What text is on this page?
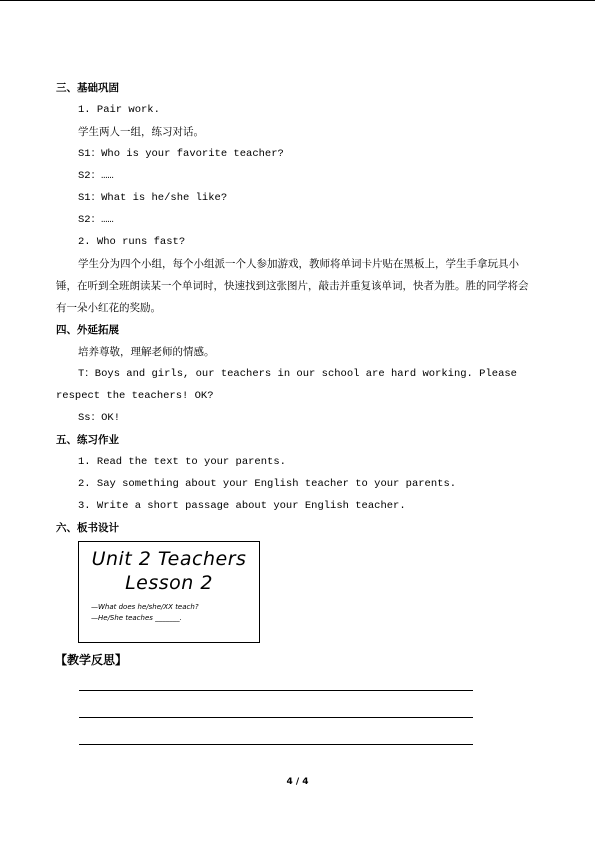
三、基础巩固
1. Pair work.
学生两人一组，练习对话。
S1：Who is your favorite teacher?
S2：……
S1：What is he/she like?
S2：……
2. Who runs fast?

学生分为四个小组，每个小组派一个人参加游戏，教师将单词卡片贴在黑板上，学生手拿玩具小锤，在听到全班朗读某一个单词时，快速找到这张图片，敲击并重复该单词，快者为胜。胜的同学将会有一朵小红花的奖励。

四、外延拓展
培养尊敬，理解老师的情感。
T：Boys and girls, our teachers in our school are hard working. Please
respect the teachers! OK?
Ss：OK!
五、练习作业
1. Read the text to your parents.
2. Say something about your English teacher to your parents.
3. Write a short passage about your English teacher.
六、板书设计
Unit 2 Teachers
Lesson 2
—What does he/she/XX teach?
—He/She teaches _______.
【教学反思】
4 / 4
